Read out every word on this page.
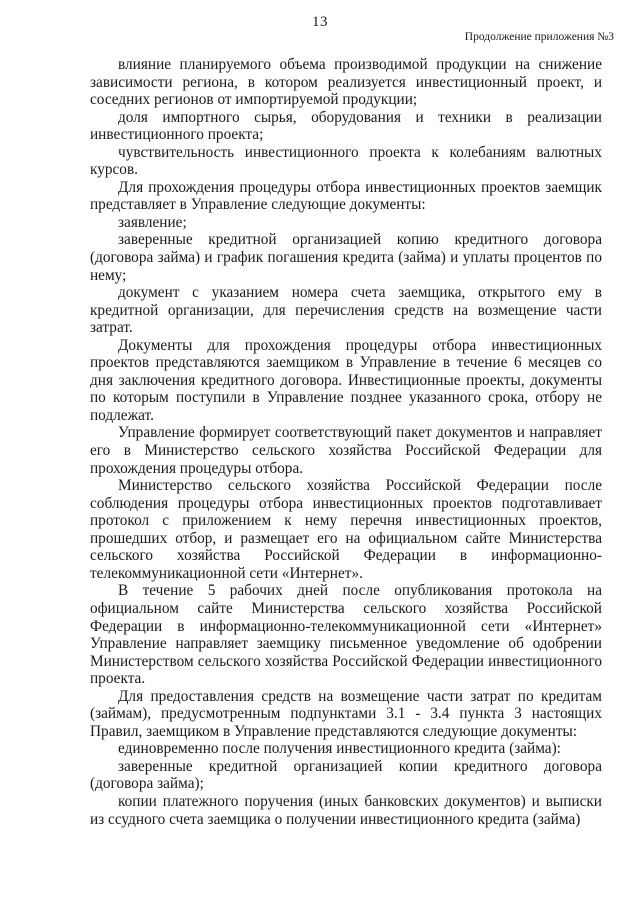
13
Продолжение приложения №3

влияние планируемого объема производимой продукции на снижение зависимости региона, в котором реализуется инвестиционный проект, и соседних регионов от импортируемой продукции;

доля импортного сырья, оборудования и техники в реализации инвестиционного проекта;

чувствительность инвестиционного проекта к колебаниям валютных курсов.

Для прохождения процедуры отбора инвестиционных проектов заемщик представляет в Управление следующие документы:

заявление;

заверенные кредитной организацией копию кредитного договора (договора займа) и график погашения кредита (займа) и уплаты процентов по нему;

документ с указанием номера счета заемщика, открытого ему в кредитной организации, для перечисления средств на возмещение части затрат.

Документы для прохождения процедуры отбора инвестиционных проектов представляются заемщиком в Управление в течение 6 месяцев со дня заключения кредитного договора. Инвестиционные проекты, документы по которым поступили в Управление позднее указанного срока, отбору не подлежат.

Управление формирует соответствующий пакет документов и направляет его в Министерство сельского хозяйства Российской Федерации для прохождения процедуры отбора.

Министерство сельского хозяйства Российской Федерации после соблюдения процедуры отбора инвестиционных проектов подготавливает протокол с приложением к нему перечня инвестиционных проектов, прошедших отбор, и размещает его на официальном сайте Министерства сельского хозяйства Российской Федерации в информационно-телекоммуникационной сети «Интернет».

В течение 5 рабочих дней после опубликования протокола на официальном сайте Министерства сельского хозяйства Российской Федерации в информационно-телекоммуникационной сети «Интернет» Управление направляет заемщику письменное уведомление об одобрении Министерством сельского хозяйства Российской Федерации инвестиционного проекта.

Для предоставления средств на возмещение части затрат по кредитам (займам), предусмотренным подпунктами 3.1 - 3.4 пункта 3 настоящих Правил, заемщиком в Управление представляются следующие документы:

единовременно после получения инвестиционного кредита (займа):

заверенные кредитной организацией копии кредитного договора (договора займа);

копии платежного поручения (иных банковских документов) и выписки из ссудного счета заемщика о получении инвестиционного кредита (займа)
